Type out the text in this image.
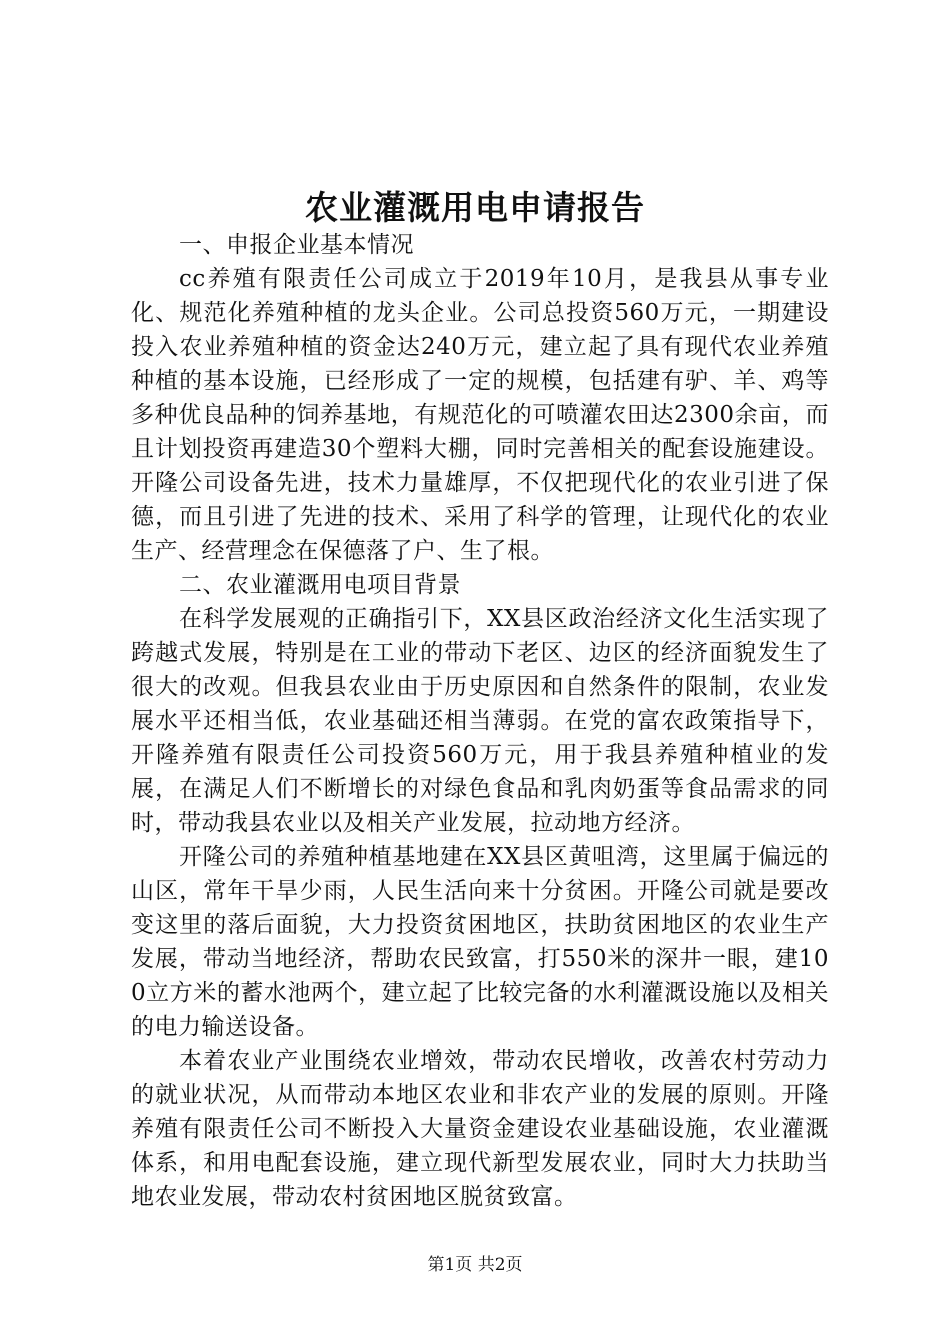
农业灌溉用电申请报告

一、申报企业基本情况

cc养殖有限责任公司成立于2019年10月，是我县从事专业化、规范化养殖种植的龙头企业。公司总投资560万元，一期建设投入农业养殖种植的资金达240万元，建立起了具有现代农业养殖种植的基本设施，已经形成了一定的规模，包括建有驴、羊、鸡等多种优良品种的饲养基地，有规范化的可喷灌农田达2300余亩，而且计划投资再建造30个塑料大棚，同时完善相关的配套设施建设。开隆公司设备先进，技术力量雄厚，不仅把现代化的农业引进了保德，而且引进了先进的技术、采用了科学的管理，让现代化的农业生产、经营理念在保德落了户、生了根。

二、农业灌溉用电项目背景

在科学发展观的正确指引下，XX县区政治经济文化生活实现了跨越式发展，特别是在工业的带动下老区、边区的经济面貌发生了很大的改观。但我县农业由于历史原因和自然条件的限制，农业发展水平还相当低，农业基础还相当薄弱。在党的富农政策指导下，开隆养殖有限责任公司投资560万元，用于我县养殖种植业的发展，在满足人们不断增长的对绿色食品和乳肉奶蛋等食品需求的同时，带动我县农业以及相关产业发展，拉动地方经济。

开隆公司的养殖种植基地建在XX县区黄咀湾，这里属于偏远的山区，常年干旱少雨，人民生活向来十分贫困。开隆公司就是要改变这里的落后面貌，大力投资贫困地区，扶助贫困地区的农业生产发展，带动当地经济，帮助农民致富，打550米的深井一眼，建100立方米的蓄水池两个，建立起了比较完备的水利灌溉设施以及相关的电力输送设备。

本着农业产业围绕农业增效，带动农民增收，改善农村劳动力的就业状况，从而带动本地区农业和非农产业的发展的原则。开隆养殖有限责任公司不断投入大量资金建设农业基础设施，农业灌溉体系，和用电配套设施，建立现代新型发展农业，同时大力扶助当地农业发展，带动农村贫困地区脱贫致富。

第1页 共2页
